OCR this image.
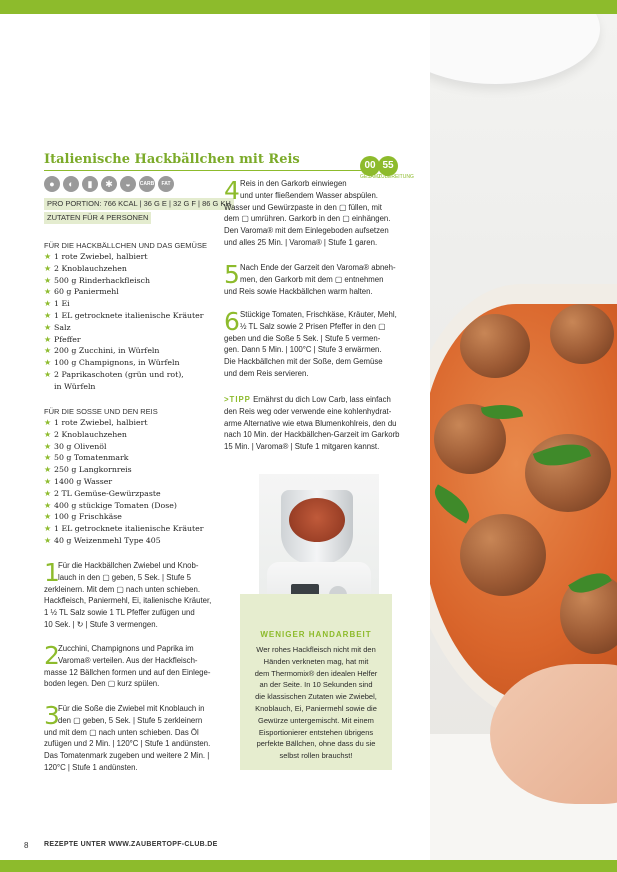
Italienische Hackbällchen mit Reis	00 55
GESAMT
ZUBEREITUNG
●	◐	▮	✱	◒	CARB	FAT
PRO PORTION: 766 KCAL | 36 G E | 32 G F | 86 G KH
ZUTATEN FÜR 4 PERSONEN
FÜR DIE HACKBÄLLCHEN UND DAS GEMÜSE
★ 1 rote Zwiebel, halbiert
★ 2 Knoblauchzehen
★ 500 g Rinderhackfleisch
★ 60 g Paniermehl
★ 1 Ei
★ 1 EL getrocknete italienische Kräuter
★ Salz
★ Pfeffer
★ 200 g Zucchini, in Würfeln
★ 100 g Champignons, in Würfeln
★ 2 Paprikaschoten (grün und rot),
in Würfeln
FÜR DIE SOSSE UND DEN REIS
★ 1 rote Zwiebel, halbiert
★ 2 Knoblauchzehen
★ 30 g Olivenöl
★ 50 g Tomatenmark
★ 250 g Langkornreis
★ 1400 g Wasser
★ 2 TL Gemüse-Gewürzpaste
★ 400 g stückige Tomaten (Dose)
★ 100 g Frischkäse
★ 1 EL getrocknete italienische Kräuter
★ 40 g Weizenmehl Type 405
1
Für die Hackbällchen Zwiebel und Knob-
lauch in den ▢ geben, 5 Sek. | Stufe 5
zerkleinern. Mit dem ▢ nach unten schieben.
Hackfleisch, Paniermehl, Ei, italienische Kräuter,
1 ½ TL Salz sowie 1 TL Pfeffer zufügen und
10 Sek. | ↻ | Stufe 3 vermengen.
2
Zucchini, Champignons und Paprika im
Varoma® verteilen. Aus der Hackfleisch-
masse 12 Bällchen formen und auf den Einlege-
boden legen. Den ▢ kurz spülen.
3
Für die Soße die Zwiebel mit Knoblauch in
den ▢ geben, 5 Sek. | Stufe 5 zerkleinern
und mit dem ▢ nach unten schieben. Das Öl
zufügen und 2 Min. | 120°C | Stufe 1 andünsten.
Das Tomatenmark zugeben und weitere 2 Min. |
120°C | Stufe 1 andünsten.
4 Reis in den Garkorb einwiegen
und unter fließendem Wasser abspülen.
Wasser und Gewürzpaste in den ▢ füllen, mit
dem ▢ umrühren. Garkorb in den ▢ einhängen.
Den Varoma® mit dem Einlegeboden aufsetzen
und alles 25 Min. | Varoma® | Stufe 1 garen.
5 Nach Ende der Garzeit den Varoma® abneh-
men, den Garkorb mit dem ▢ entnehmen
und Reis sowie Hackbällchen warm halten.
6 Stückige Tomaten, Frischkäse, Kräuter, Mehl,
½ TL Salz sowie 2 Prisen Pfeffer in den ▢
geben und die Soße 5 Sek. | Stufe 5 vermen-
gen. Dann 5 Min. | 100°C | Stufe 3 erwärmen.
Die Hackbällchen mit der Soße, dem Gemüse
und dem Reis servieren.
>TIPP Ernährst du dich Low Carb, lass einfach
den Reis weg oder verwende eine kohlenhydrat-
arme Alternative wie etwa Blumenkohlreis, den du
nach 10 Min. der Hackbällchen-Garzeit im Garkorb
15 Min. | Varoma® | Stufe 1 mitgaren kannst.
WENIGER HANDARBEIT
Wer rohes Hackfleisch nicht mit den
Händen verkneten mag, hat mit
dem Thermomix® den idealen Helfer
an der Seite. In 10 Sekunden sind
die klassischen Zutaten wie Zwiebel,
Knoblauch, Ei, Paniermehl sowie die
Gewürze untergemischt. Mit einem
Eisportionierer entstehen übrigens
perfekte Bällchen, ohne dass du sie
selbst rollen brauchst!
8 REZEPTE UNTER WWW.ZAUBERTOPF-CLUB.DE
